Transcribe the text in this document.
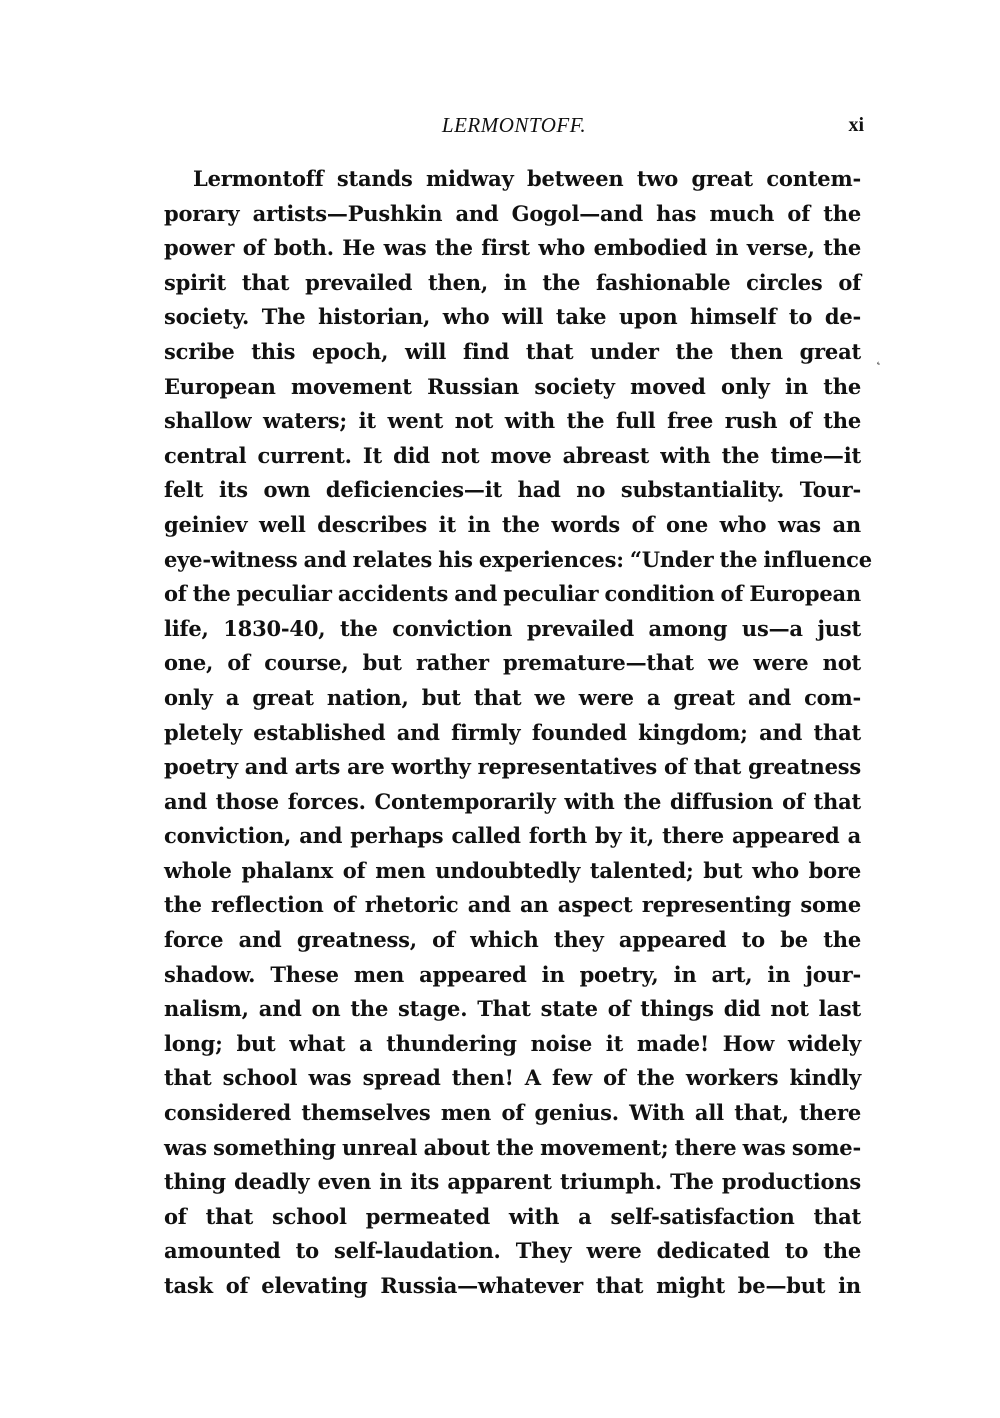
LERMONTOFF.	xi
Lermontoff stands midway between two great contem-
porary artists—Pushkin and Gogol—and has much of the
power of both. He was the first who embodied in verse, the
spirit that prevailed then, in the fashionable circles of
society. The historian, who will take upon himself to de-
scribe this epoch, will find that under the then great
European movement Russian society moved only in the
shallow waters; it went not with the full free rush of the
central current. It did not move abreast with the time—it
felt its own deficiencies—it had no substantiality. Tour-
geiniev well describes it in the words of one who was an
eye-witness and relates his experiences: “Under the influence
of the peculiar accidents and peculiar condition of European
life, 1830-40, the conviction prevailed among us—a just
one, of course, but rather premature—that we were not
only a great nation, but that we were a great and com-
pletely established and firmly founded kingdom; and that
poetry and arts are worthy representatives of that greatness
and those forces. Contemporarily with the diffusion of that
conviction, and perhaps called forth by it, there appeared a
whole phalanx of men undoubtedly talented; but who bore
the reflection of rhetoric and an aspect representing some
force and greatness, of which they appeared to be the
shadow. These men appeared in poetry, in art, in jour-
nalism, and on the stage. That state of things did not last
long; but what a thundering noise it made! How widely
that school was spread then! A few of the workers kindly
considered themselves men of genius. With all that, there
was something unreal about the movement; there was some-
thing deadly even in its apparent triumph. The productions
of that school permeated with a self-satisfaction that
amounted to self-laudation. They were dedicated to the
task of elevating Russia—whatever that might be—but in
˛
